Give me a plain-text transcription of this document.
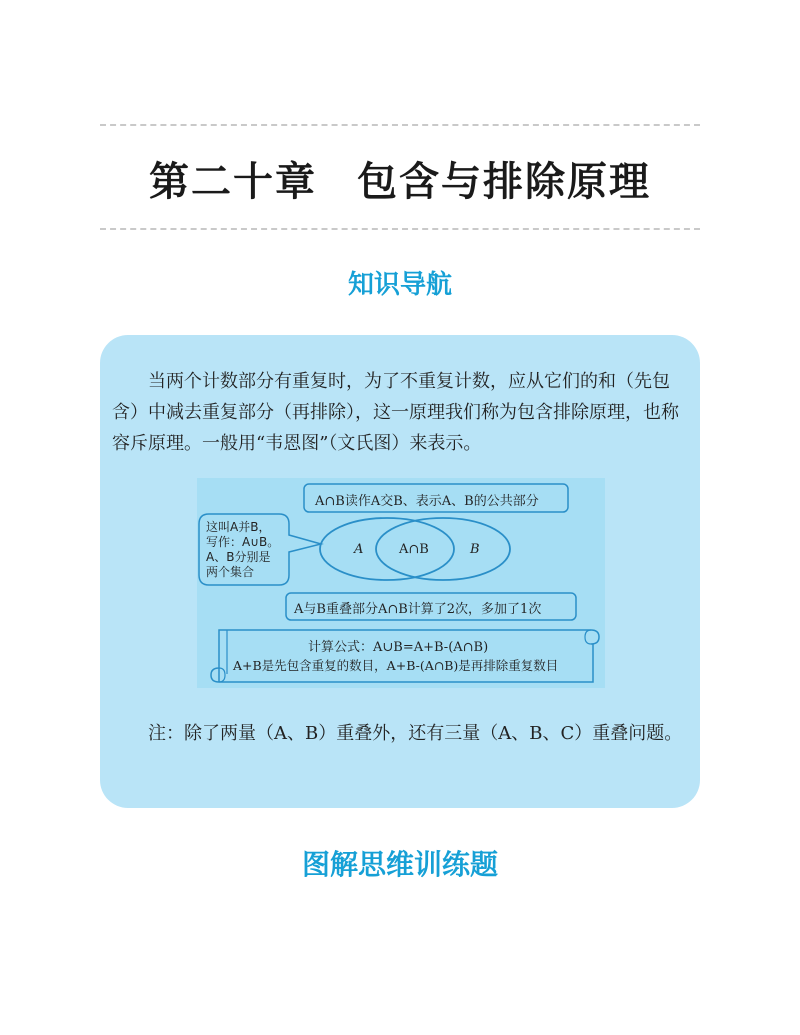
第二十章 包含与排除原理
知识导航
当两个计数部分有重复时，为了不重复计数，应从它们的和（先包含）中减去重复部分（再排除），这一原理我们称为包含排除原理，也称容斥原理。一般用“韦恩图”（文氏图）来表示。
A∩B读作A交B、表示A、B的公共部分
这叫A并B，
写作：A∪B。
A、B分别是
两个集合
A	A∩B	B
A与B重叠部分A∩B计算了2次，多加了1次
计算公式：A∪B=A+B-(A∩B)
A+B是先包含重复的数目，A+B-(A∩B)是再排除重复数目
注：除了两量（A、B）重叠外，还有三量（A、B、C）重叠问题。
图解思维训练题
